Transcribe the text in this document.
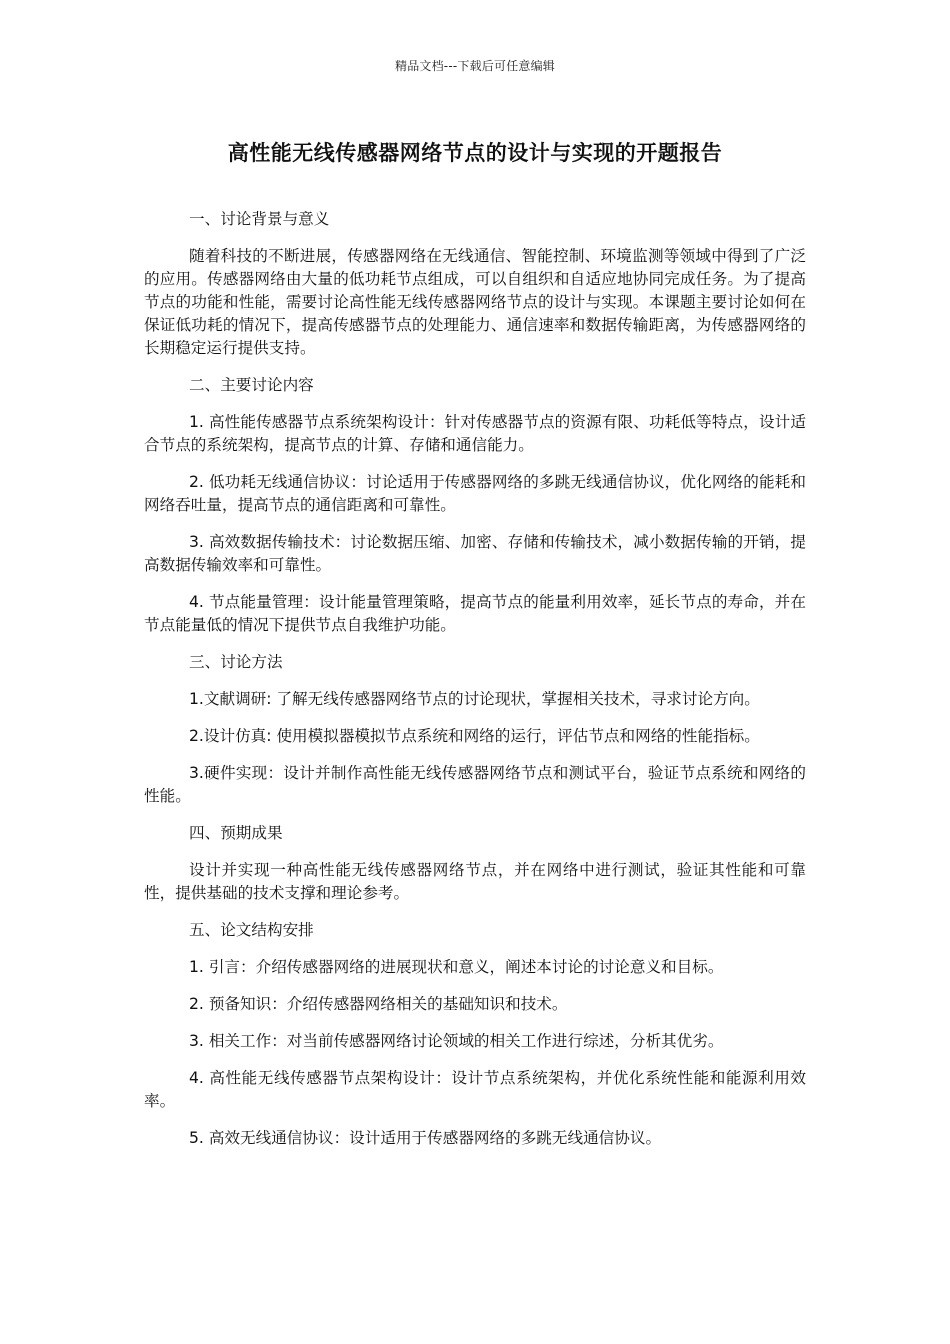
精品文档---下载后可任意编辑
高性能无线传感器网络节点的设计与实现的开题报告

一、讨论背景与意义

随着科技的不断进展，传感器网络在无线通信、智能控制、环境监测等领域中得到了广泛的应用。传感器网络由大量的低功耗节点组成，可以自组织和自适应地协同完成任务。为了提高节点的功能和性能，需要讨论高性能无线传感器网络节点的设计与实现。本课题主要讨论如何在保证低功耗的情况下，提高传感器节点的处理能力、通信速率和数据传输距离，为传感器网络的长期稳定运行提供支持。

二、主要讨论内容

1. 高性能传感器节点系统架构设计：针对传感器节点的资源有限、功耗低等特点，设计适合节点的系统架构，提高节点的计算、存储和通信能力。

2. 低功耗无线通信协议：讨论适用于传感器网络的多跳无线通信协议，优化网络的能耗和网络吞吐量，提高节点的通信距离和可靠性。

3. 高效数据传输技术：讨论数据压缩、加密、存储和传输技术，减小数据传输的开销，提高数据传输效率和可靠性。

4. 节点能量管理：设计能量管理策略，提高节点的能量利用效率，延长节点的寿命，并在节点能量低的情况下提供节点自我维护功能。

三、讨论方法

1.文献调研: 了解无线传感器网络节点的讨论现状，掌握相关技术，寻求讨论方向。

2.设计仿真: 使用模拟器模拟节点系统和网络的运行，评估节点和网络的性能指标。

3.硬件实现：设计并制作高性能无线传感器网络节点和测试平台，验证节点系统和网络的性能。

四、预期成果

设计并实现一种高性能无线传感器网络节点，并在网络中进行测试，验证其性能和可靠性，提供基础的技术支撑和理论参考。

五、论文结构安排

1. 引言：介绍传感器网络的进展现状和意义，阐述本讨论的讨论意义和目标。

2. 预备知识：介绍传感器网络相关的基础知识和技术。

3. 相关工作：对当前传感器网络讨论领域的相关工作进行综述，分析其优劣。

4. 高性能无线传感器节点架构设计：设计节点系统架构，并优化系统性能和能源利用效率。

5. 高效无线通信协议：设计适用于传感器网络的多跳无线通信协议。
